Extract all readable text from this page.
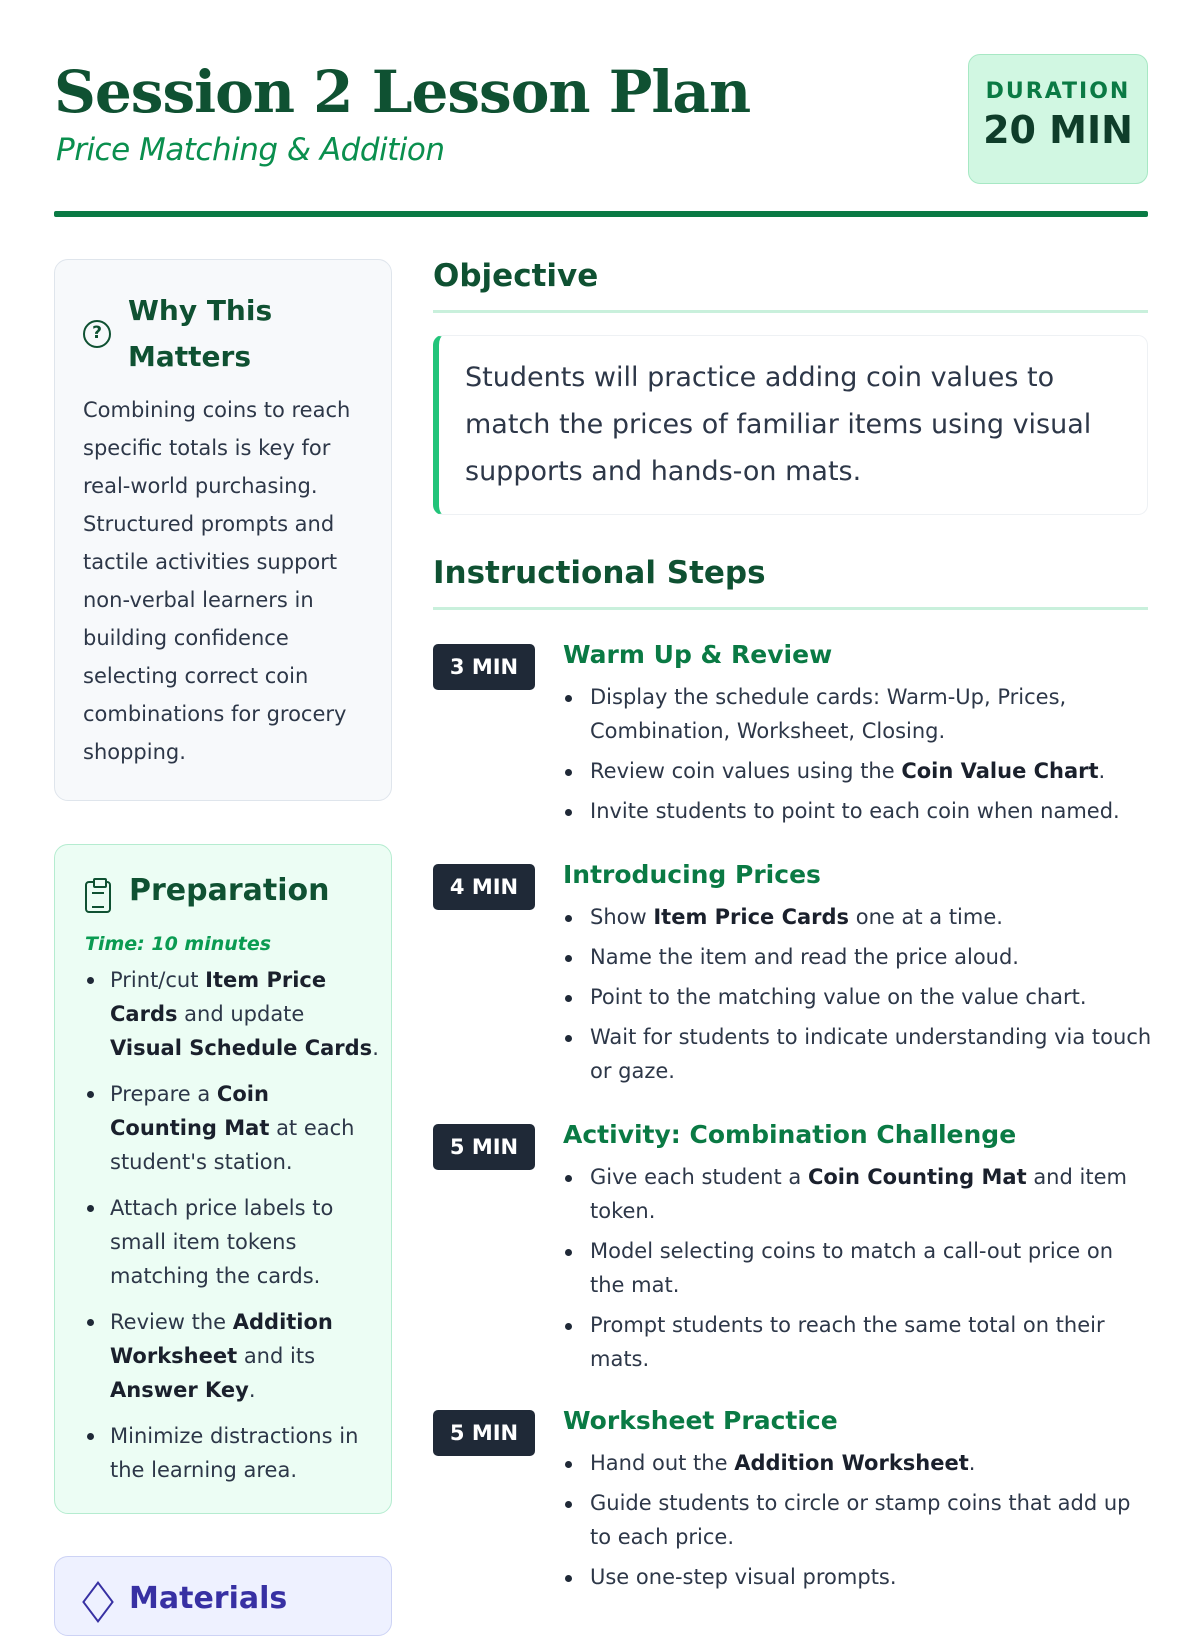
Session 2 Lesson Plan
Price Matching & Addition
DURATION
20 MIN
?
Why This Matters
Combining coins to reach specific totals is key for real-world purchasing. Structured prompts and tactile activities support non-verbal learners in building confidence selecting correct coin combinations for grocery shopping.
Preparation
Time: 10 minutes
Print/cut Item Price Cards and update Visual Schedule Cards.
Prepare a Coin Counting Mat at each student's station.
Attach price labels to small item tokens matching the cards.
Review the Addition Worksheet and its Answer Key.
Minimize distractions in the learning area.
Materials
Objective
Students will practice adding coin values to match the prices of familiar items using visual supports and hands-on mats.
Instructional Steps
3 MIN	Warm Up & Review
Display the schedule cards: Warm-Up, Prices, Combination, Worksheet, Closing.
Review coin values using the Coin Value Chart.
Invite students to point to each coin when named.
4 MIN	Introducing Prices
Show Item Price Cards one at a time.
Name the item and read the price aloud.
Point to the matching value on the value chart.
Wait for students to indicate understanding via touch or gaze.
5 MIN	Activity: Combination Challenge
Give each student a Coin Counting Mat and item token.
Model selecting coins to match a call-out price on the mat.
Prompt students to reach the same total on their mats.
5 MIN	Worksheet Practice
Hand out the Addition Worksheet.
Guide students to circle or stamp coins that add up to each price.
Use one-step visual prompts.
